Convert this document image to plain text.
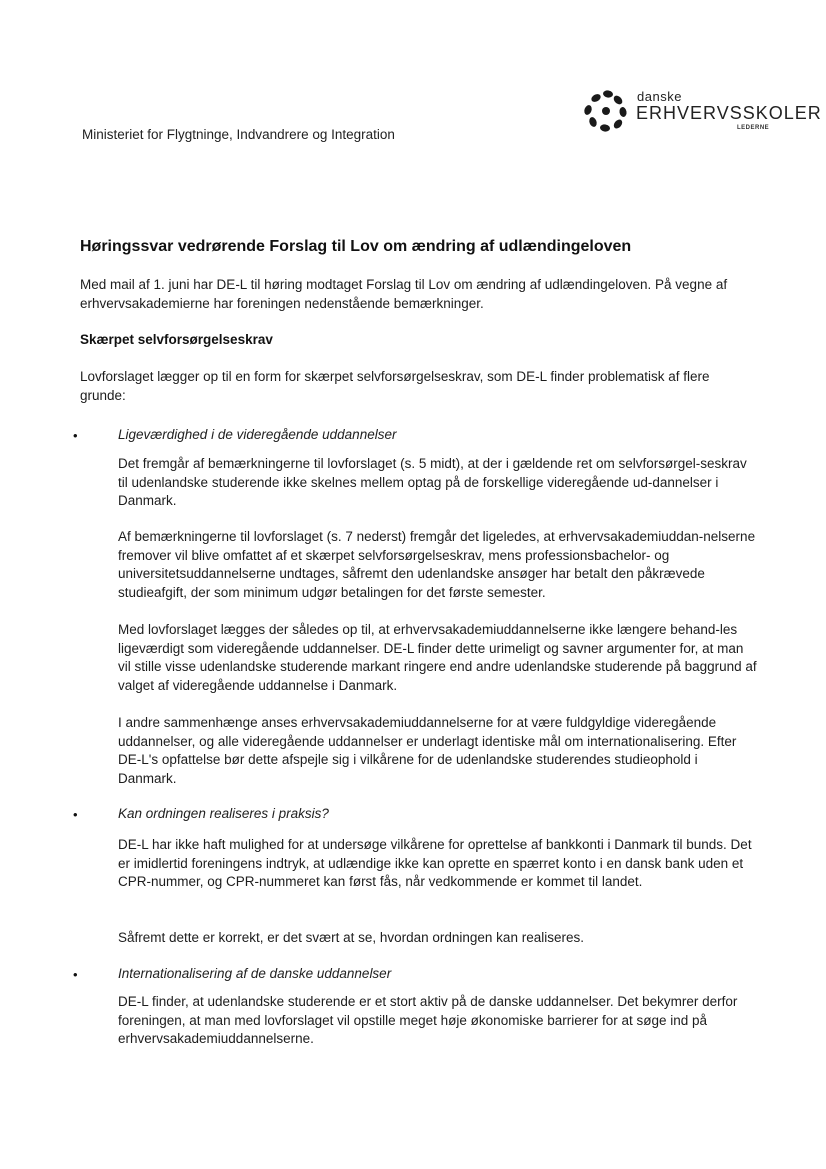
danske
ERHVERVSSKOLER
LEDERNE
Ministeriet for Flygtninge, Indvandrere og Integration
Høringssvar vedrørende Forslag til Lov om ændring af udlændingeloven

Med mail af 1. juni har DE-L til høring modtaget Forslag til Lov om ændring af udlændingeloven. På vegne af erhvervsakademierne har foreningen nedenstående bemærkninger.

Skærpet selvforsørgelseskrav

Lovforslaget lægger op til en form for skærpet selvforsørgelseskrav, som DE-L finder problematisk af flere grunde:

•	Ligeværdighed i de videregående uddannelser

Det fremgår af bemærkningerne til lovforslaget (s. 5 midt), at der i gældende ret om selvforsørgel-seskrav til udenlandske studerende ikke skelnes mellem optag på de forskellige videregående ud-dannelser i Danmark.

Af bemærkningerne til lovforslaget (s. 7 nederst) fremgår det ligeledes, at erhvervsakademiuddan-nelserne fremover vil blive omfattet af et skærpet selvforsørgelseskrav, mens professionsbachelor- og universitetsuddannelserne undtages, såfremt den udenlandske ansøger har betalt den påkrævede studieafgift, der som minimum udgør betalingen for det første semester.

Med lovforslaget lægges der således op til, at erhvervsakademiuddannelserne ikke længere behand-les ligeværdigt som videregående uddannelser. DE-L finder dette urimeligt og savner argumenter for, at man vil stille visse udenlandske studerende markant ringere end andre udenlandske studerende på baggrund af valget af videregående uddannelse i Danmark.

I andre sammenhænge anses erhvervsakademiuddannelserne for at være fuldgyldige videregående uddannelser, og alle videregående uddannelser er underlagt identiske mål om internationalisering. Efter DE-L's opfattelse bør dette afspejle sig i vilkårene for de udenlandske studerendes studieophold i Danmark.

•	Kan ordningen realiseres i praksis?

DE-L har ikke haft mulighed for at undersøge vilkårene for oprettelse af bankkonti i Danmark til bunds. Det er imidlertid foreningens indtryk, at udlændige ikke kan oprette en spærret konto i en dansk bank uden et CPR-nummer, og CPR-nummeret kan først fås, når vedkommende er kommet til landet.

Såfremt dette er korrekt, er det svært at se, hvordan ordningen kan realiseres.

•	Internationalisering af de danske uddannelser

DE-L finder, at udenlandske studerende er et stort aktiv på de danske uddannelser. Det bekymrer derfor foreningen, at man med lovforslaget vil opstille meget høje økonomiske barrierer for at søge ind på erhvervsakademiuddannelserne.
